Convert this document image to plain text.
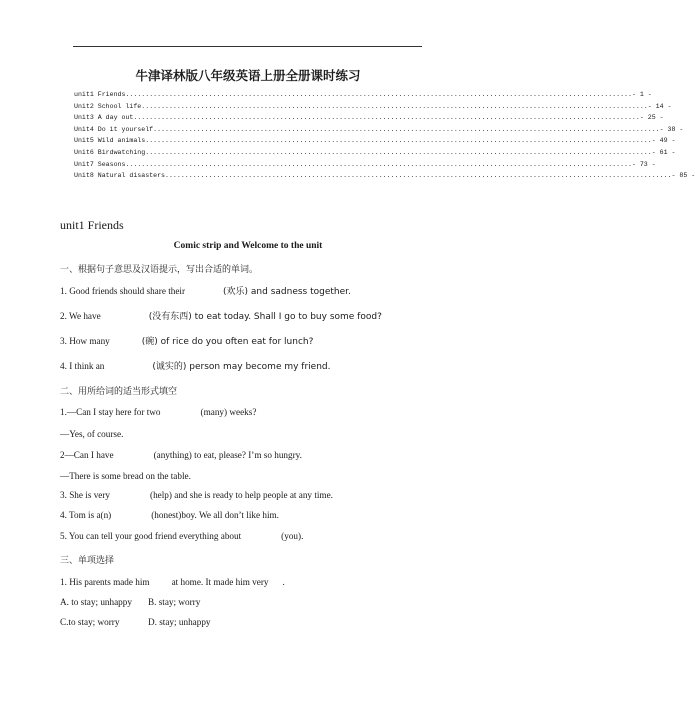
牛津译林版八年级英语上册全册课时练习
unit1 Friends ................................................................................................................................ - 1 -
Unit2 School life ................................................................................................................................ - 14 -
Unit3 A day out ................................................................................................................................ - 25 -
Unit4 Do it yourself ................................................................................................................................ - 38 -
Unit5 Wild animals ................................................................................................................................ - 49 -
Unit6 Birdwatching ................................................................................................................................ - 61 -
Unit7 Seasons ................................................................................................................................ - 73 -
Unit8 Natural disasters ................................................................................................................................ - 85 -
unit1 Friends
Comic strip and Welcome to the unit
一、根据句子意思及汉语提示，写出合适的单词。
1. Good friends should share their	(欢乐) and sadness together.
2. We have	(没有东西) to eat today. Shall I go to buy some food?
3. How many	(碗) of rice do you often eat for lunch?
4. I think an	(诚实的) person may become my friend.
二、用所给词的适当形式填空
1.—Can I stay here for two	(many) weeks?
—Yes, of course.
2—Can I have	(anything) to eat, please? I’m so hungry.
—There is some bread on the table.
3. She is very	(help) and she is ready to help people at any time.
4. Tom is a(n)	(honest)boy. We all don’t like him.
5. You can tell your good friend everything about	(you).
三、单项选择
1. His parents made him at home. It made him very .
A. to stay; unhappy B. stay; worry
C.to stay; worry	D. stay; unhappy
